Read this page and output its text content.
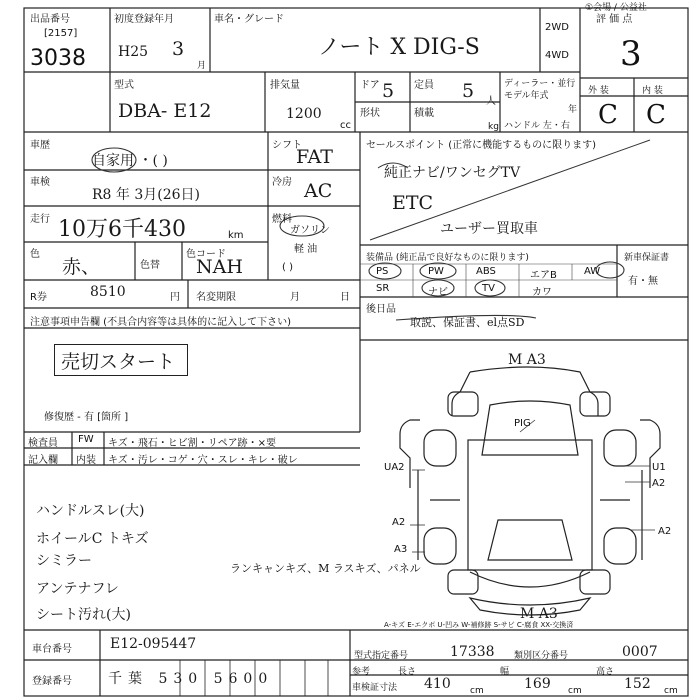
①会場 / 公益社
出品番号
[2157]
3038
初度登録年月
H25 3
月
車名・グレード
ノート X DIG-S
2WD
4WD
評 価 点
3
外 装	内 装
C C
型式
DBA- E12
排気量
1200
cc
ドア 5 定員 5 人
形状	積載
kg
ディーラー・並行
モデル年式
年
ハンドル 左・右
車歴
自家用 ・( )
シフト
FAT
車検
R8 年 3月(26日)
冷房 AC
走行 10万6千430	km
燃料
ガソリン
軽 油
( )
色
赤、	色替
色コード
NAH
R券	8510	円 名変期限	月	日
注意事項申告欄 (不具合内容等は具体的に記入して下さい)
売切スタート
修復歴 - 有 [箇所 ]
セールスポイント (正常に機能するものに限ります)
純正ナビ/ワンセグTV
ETC
ユーザー買取車
装備品 (純正品で良好なものに限ります)	新車保証書
有・無
PS	PW	ABS	エアB	AW
SR	ナビ	TV	カワ
後日品
取説、保証書、el点SD
検査員
記入欄
FW
内装
キズ・飛石・ヒビ割・リペア跡・×要
キズ・汚レ・コゲ・穴・スレ・キレ・破レ
ハンドルスレ(大)
ホイールC トキズ
シミラー	ランキャンキズ、M ラスキズ、パネル
アンテナフレ
シート汚れ(大)
M A3
PIG
UA2
A2
A3
U1
A2
A2
M A3
A-キズ E-エクボ U-凹み W-補修跡 S-サビ C-腐食 XX-交換済
車台番号	E12-095447
登録番号	千葉 530 5600
型式指定番号	17338 類別区分番号	0007
参考
車検証寸法
長さ
410 cm
幅
169 cm
高さ
152 cm
